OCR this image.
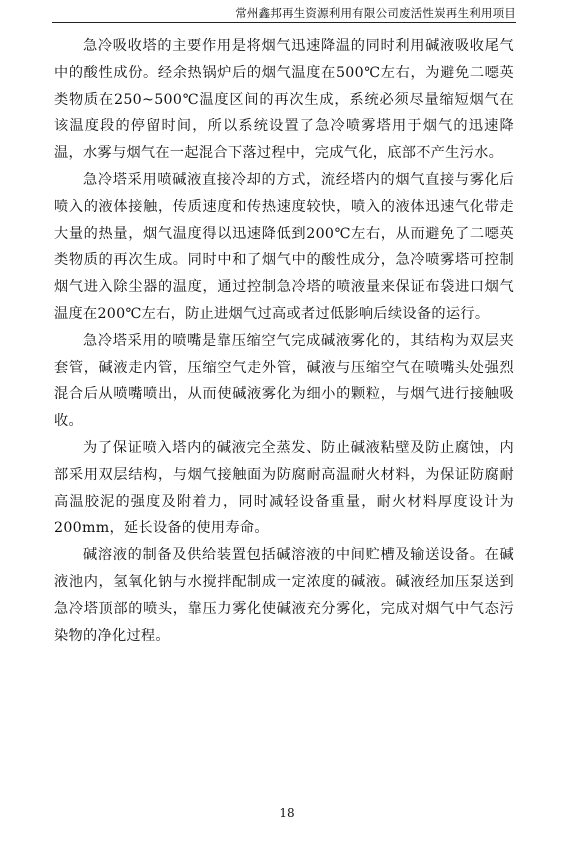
常州鑫邦再生资源利用有限公司废活性炭再生利用项目

急冷吸收塔的主要作用是将烟气迅速降温的同时利用碱液吸收尾气中的酸性成份。经余热锅炉后的烟气温度在500℃左右，为避免二噁英类物质在250~500℃温度区间的再次生成，系统必须尽量缩短烟气在该温度段的停留时间，所以系统设置了急冷喷雾塔用于烟气的迅速降温，水雾与烟气在一起混合下落过程中，完成气化，底部不产生污水。

急冷塔采用喷碱液直接冷却的方式，流经塔内的烟气直接与雾化后喷入的液体接触，传质速度和传热速度较快，喷入的液体迅速气化带走大量的热量，烟气温度得以迅速降低到200℃左右，从而避免了二噁英类物质的再次生成。同时中和了烟气中的酸性成分，急冷喷雾塔可控制烟气进入除尘器的温度，通过控制急冷塔的喷液量来保证布袋进口烟气温度在200℃左右，防止进烟气过高或者过低影响后续设备的运行。

急冷塔采用的喷嘴是靠压缩空气完成碱液雾化的，其结构为双层夹套管，碱液走内管，压缩空气走外管，碱液与压缩空气在喷嘴头处强烈混合后从喷嘴喷出，从而使碱液雾化为细小的颗粒，与烟气进行接触吸收。

为了保证喷入塔内的碱液完全蒸发、防止碱液粘壁及防止腐蚀，内部采用双层结构，与烟气接触面为防腐耐高温耐火材料，为保证防腐耐高温胶泥的强度及附着力，同时减轻设备重量，耐火材料厚度设计为200mm，延长设备的使用寿命。

碱溶液的制备及供给装置包括碱溶液的中间贮槽及输送设备。在碱液池内，氢氧化钠与水搅拌配制成一定浓度的碱液。碱液经加压泵送到急冷塔顶部的喷头，靠压力雾化使碱液充分雾化，完成对烟气中气态污染物的净化过程。

18
